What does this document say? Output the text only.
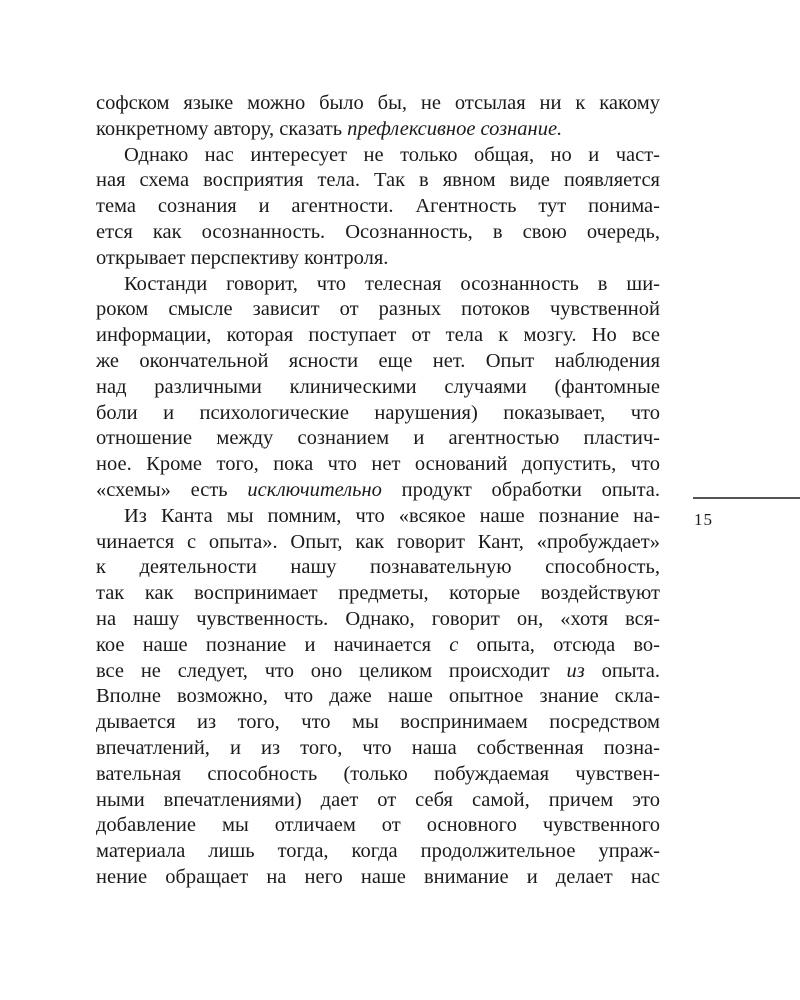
софском языке можно было бы, не отсылая ни к какому
конкретному автору, сказать префлексивное сознание.
Однако нас интересует не только общая, но и част-
ная схема восприятия тела. Так в явном виде появляется
тема сознания и агентности. Агентность тут понима-
ется как осознанность. Осознанность, в свою очередь,
открывает перспективу контроля.
Костанди говорит, что телесная осознанность в ши-
роком смысле зависит от разных потоков чувственной
информации, которая поступает от тела к мозгу. Но все
же окончательной ясности еще нет. Опыт наблюдения
над различными клиническими случаями (фантомные
боли и психологические нарушения) показывает, что
отношение между сознанием и агентностью пластич-
ное. Кроме того, пока что нет оснований допустить, что
«схемы» есть исключительно продукт обработки опыта.
Из Канта мы помним, что «всякое наше познание на-
чинается с опыта». Опыт, как говорит Кант, «пробуждает»
к деятельности нашу познавательную способность,
так как воспринимает предметы, которые воздействуют
на нашу чувственность. Однако, говорит он, «хотя вся-
кое наше познание и начинается с опыта, отсюда во-
все не следует, что оно целиком происходит из опыта.
Вполне возможно, что даже наше опытное знание скла-
дывается из того, что мы воспринимаем посредством
впечатлений, и из того, что наша собственная позна-
вательная способность (только побуждаемая чувствен-
ными впечатлениями) дает от себя самой, причем это
добавление мы отличаем от основного чувственного
материала лишь тогда, когда продолжительное упраж-
нение обращает на него наше внимание и делает нас
15
